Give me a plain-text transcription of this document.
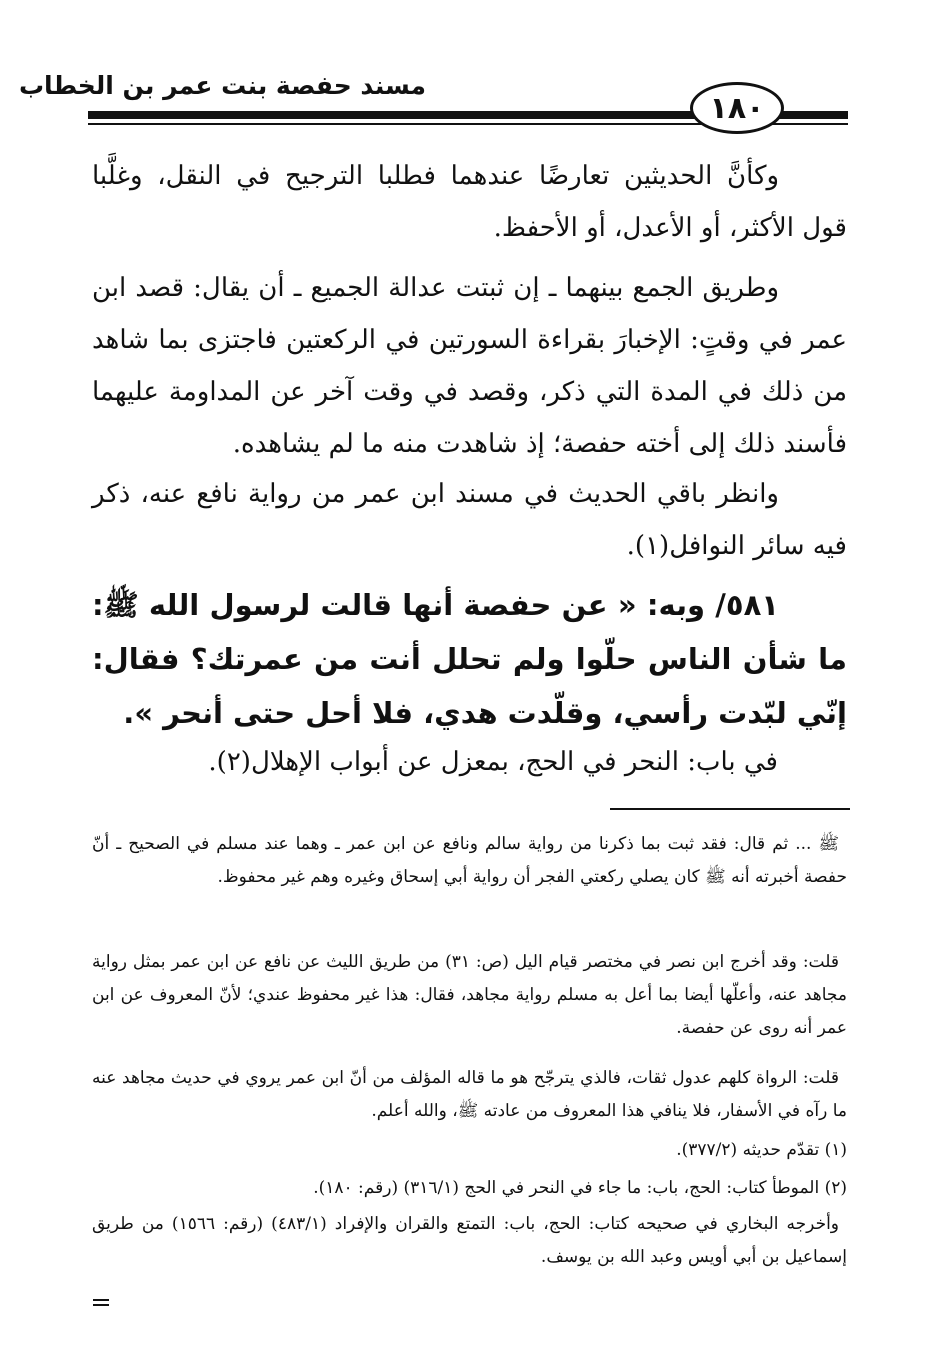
مسند حفصة بنت عمر بن الخطاب
١٨٠

وكأنَّ الحديثين تعارضًا عندهما فطلبا الترجيح في النقل، وغلَّبا قول الأكثر، أو الأعدل، أو الأحفظ.

وطريق الجمع بينهما ـ إن ثبتت عدالة الجميع ـ أن يقال: قصد ابن عمر في وقتٍ: الإخبارَ بقراءة السورتين في الركعتين فاجتزى بما شاهد من ذلك في المدة التي ذكر، وقصد في وقت آخر عن المداومة عليهما فأسند ذلك إلى أخته حفصة؛ إذ شاهدت منه ما لم يشاهده.

وانظر باقي الحديث في مسند ابن عمر من رواية نافع عنه، ذكر فيه سائر النوافل(١).

٥٨١/ وبه: « عن حفصة أنها قالت لرسول الله ﷺ: ما شأن الناس حلّوا ولم تحلل أنت من عمرتك؟ فقال: إنّي لبّدت رأسي، وقلّدت هدي، فلا أحل حتى أنحر ».

في باب: النحر في الحج، بمعزل عن أبواب الإهلال(٢).

ﷺ ... ثم قال: فقد ثبت بما ذكرنا من رواية سالم ونافع عن ابن عمر ـ وهما عند مسلم في الصحيح ـ أنّ حفصة أخبرته أنه ﷺ كان يصلي ركعتي الفجر أن رواية أبي إسحاق وغيره وهم غير محفوظ.

قلت: وقد أخرج ابن نصر في مختصر قيام اليل (ص: ٣١) من طريق الليث عن نافع عن ابن عمر بمثل رواية مجاهد عنه، وأعلّها أيضا بما أعل به مسلم رواية مجاهد، فقال: هذا غير محفوظ عندي؛ لأنّ المعروف عن ابن عمر أنه روى عن حفصة.

قلت: الرواة كلهم عدول ثقات، فالذي يترجّح هو ما قاله المؤلف من أنّ ابن عمر يروي في حديث مجاهد عنه ما رآه في الأسفار، فلا ينافي هذا المعروف من عادته ﷺ، والله أعلم.

(١) تقدّم حديثه (٣٧٧/٢).

(٢) الموطأ كتاب: الحج، باب: ما جاء في النحر في الحج (٣١٦/١) (رقم: ١٨٠).

وأخرجه البخاري في صحيحه كتاب: الحج، باب: التمتع والقران والإفراد (٤٨٣/١) (رقم: ١٥٦٦) من طريق إسماعيل بن أبي أويس وعبد الله بن يوسف.
